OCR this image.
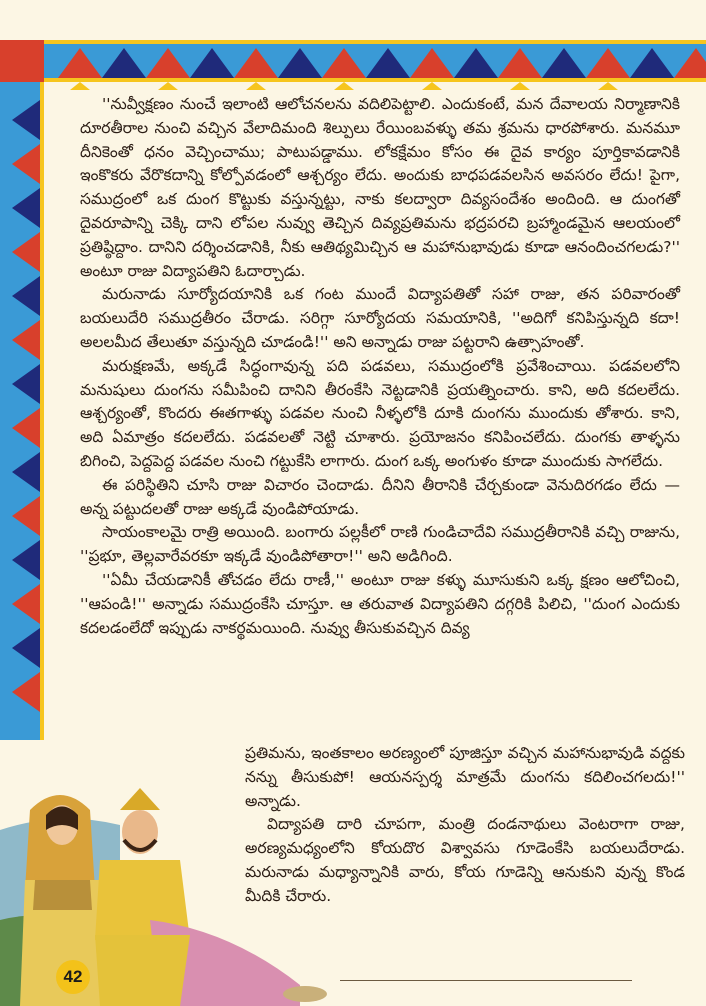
''నువ్వీక్షణం నుంచే ఇలాంటి ఆలోచనలను వదిలిపెట్టాలి. ఎందుకంటే, మన దేవాలయ నిర్మాణానికి దూరతీరాల నుంచి వచ్చిన వేలాదిమంది శిల్పులు రేయింబవళ్ళు తమ శ్రమను ధారపోశారు. మనమూ దీనికెంతో ధనం వెచ్చించాము; పాటుపడ్డాము. లోకక్షేమం కోసం ఈ దైవ కార్యం పూర్తికావడానికి ఇంకొకరు వేరొకదాన్ని కోల్పోవడంలో ఆశ్చర్యం లేదు. అందుకు బాధపడవలసిన అవసరం లేదు! పైగా, సముద్రంలో ఒక దుంగ కొట్టుకు వస్తున్నట్టు, నాకు కలద్వారా దివ్యసందేశం అందింది. ఆ దుంగతో దైవరూపాన్ని చెక్కి దాని లోపల నువ్వు తెచ్చిన దివ్యప్రతిమను భద్రపరచి బ్రహ్మాండమైన ఆలయంలో ప్రతిష్ఠిద్దాం. దానిని దర్శించడానికి, నీకు ఆతిథ్యమిచ్చిన ఆ మహానుభావుడు కూడా ఆనందించగలడు?'' అంటూ రాజు విద్యాపతిని ఓదార్చాడు.

మరునాడు సూర్యోదయానికి ఒక గంట ముందే విద్యాపతితో సహా రాజు, తన పరివారంతో బయలుదేరి సముద్రతీరం చేరాడు. సరిగ్గా సూర్యోదయ సమయానికి, ''అదిగో కనిపిస్తున్నది కదా! అలలమీద తేలుతూ వస్తున్నది చూడండి!'' అని అన్నాడు రాజు పట్టరాని ఉత్సాహంతో.

మరుక్షణమే, అక్కడే సిద్ధంగావున్న పది పడవలు, సముద్రంలోకి ప్రవేశించాయి. పడవలలోని మనుషులు దుంగను సమీపించి దానిని తీరంకేసి నెట్టడానికి ప్రయత్నించారు. కాని, అది కదలలేదు. ఆశ్చర్యంతో, కొందరు ఈతగాళ్ళు పడవల నుంచి నీళ్ళలోకి దూకి దుంగను ముందుకు తోశారు. కాని, అది ఏమాత్రం కదలలేదు. పడవలతో నెట్టి చూశారు. ప్రయోజనం కనిపించలేదు. దుంగకు తాళ్ళను బిగించి, పెద్దపెద్ద పడవల నుంచి గట్టుకేసి లాగారు. దుంగ ఒక్క అంగుళం కూడా ముందుకు సాగలేదు.

ఈ పరిస్థితిని చూసి రాజు విచారం చెందాడు. దీనిని తీరానికి చేర్చకుండా వెనుదిరగడం లేదు — అన్న పట్టుదలతో రాజు అక్కడే వుండిపోయాడు.

సాయంకాలమై రాత్రి అయింది. బంగారు పల్లకీలో రాణి గుండిచాదేవి సముద్రతీరానికి వచ్చి రాజును, ''ప్రభూ, తెల్లవారేవరకూ ఇక్కడే వుండిపోతారా!'' అని అడిగింది.

''ఏమీ చేయడానికీ తోచడం లేదు రాణీ,'' అంటూ రాజు కళ్ళు మూసుకుని ఒక్క క్షణం ఆలోచించి, ''ఆపండి!'' అన్నాడు సముద్రంకేసి చూస్తూ. ఆ తరువాత విద్యాపతిని దగ్గరికి పిలిచి, ''దుంగ ఎందుకు కదలడంలేదో ఇప్పుడు నాకర్థమయింది. నువ్వు తీసుకువచ్చిన దివ్య

ప్రతిమను, ఇంతకాలం అరణ్యంలో పూజిస్తూ వచ్చిన మహానుభావుడి వద్దకు నన్ను తీసుకుపో! ఆయనస్పర్శ మాత్రమే దుంగను కదిలించగలదు!'' అన్నాడు.

విద్యాపతి దారి చూపగా, మంత్రి దండనాథులు వెంటరాగా రాజు, అరణ్యమధ్యంలోని కోయదొర విశ్వావసు గూడెంకేసి బయలుదేరాడు. మరునాడు మధ్యాన్నానికి వారు, కోయ గూడెన్ని ఆనుకుని వున్న కొండ మీదికి చేరారు.

42
